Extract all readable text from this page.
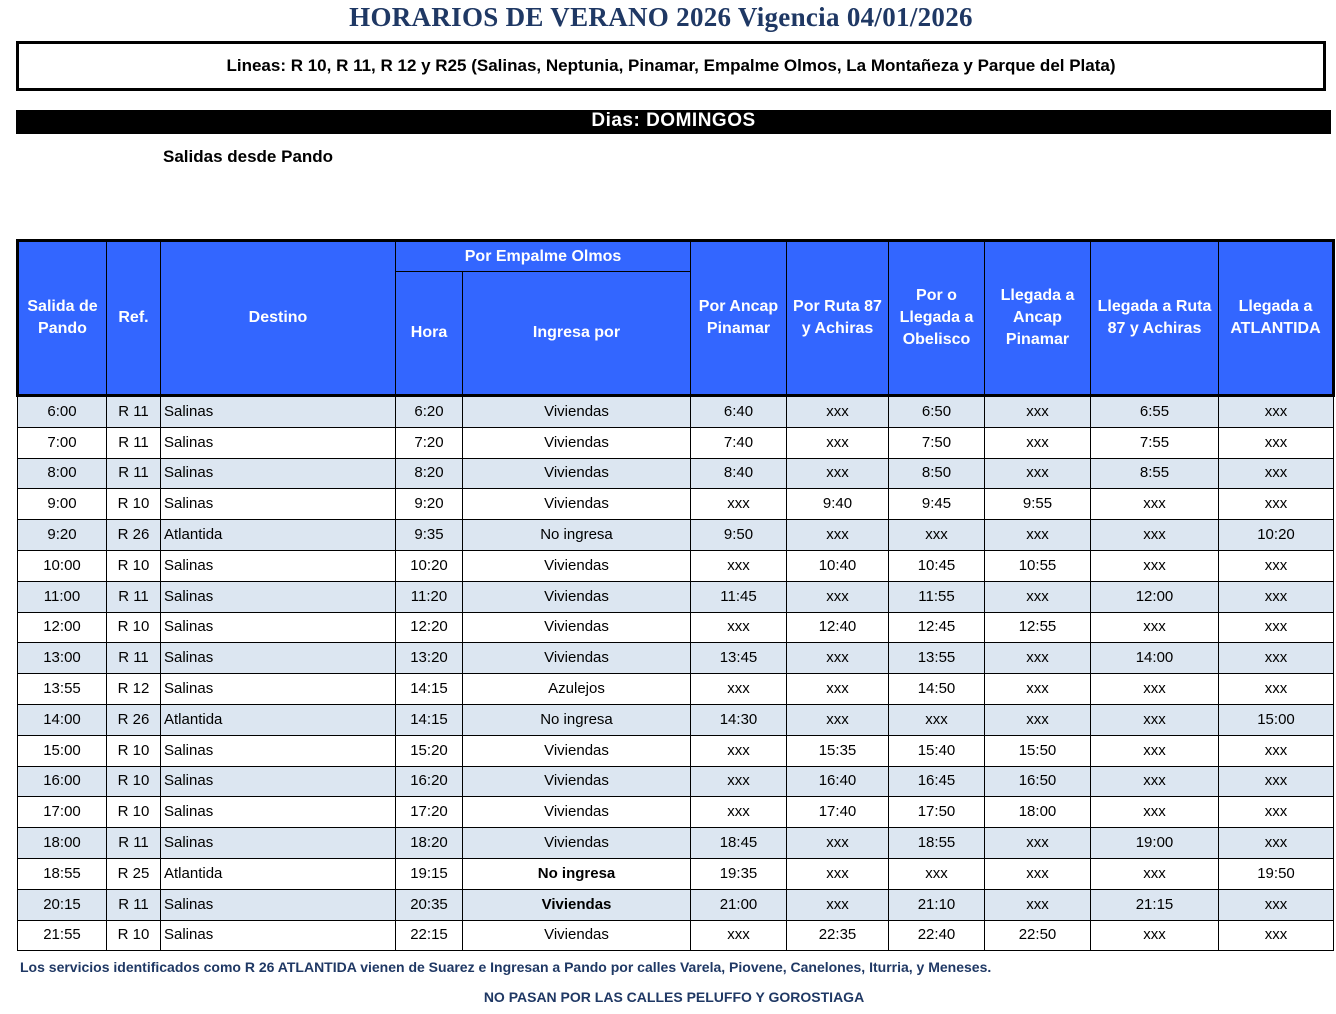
HORARIOS DE VERANO 2026 Vigencia 04/01/2026
Lineas: R 10, R 11, R 12 y R25 (Salinas, Neptunia, Pinamar, Empalme Olmos, La Montañeza y Parque del Plata)
Dias: DOMINGOS
Salidas desde Pando
Salida de Pando	Ref.	Destino	Por Empalme Olmos		Por Ancap Pinamar	Por Ruta 87 y Achiras	Por o Llegada a Obelisco	Llegada a Ancap Pinamar	Llegada a Ruta 87 y Achiras	Llegada a ATLANTIDA
			Hora	Ingresa por						
6:00	R 11	Salinas	6:20	Viviendas	6:40	xxx	6:50	xxx	6:55	xxx
7:00	R 11	Salinas	7:20	Viviendas	7:40	xxx	7:50	xxx	7:55	xxx
8:00	R 11	Salinas	8:20	Viviendas	8:40	xxx	8:50	xxx	8:55	xxx
9:00	R 10	Salinas	9:20	Viviendas	xxx	9:40	9:45	9:55	xxx	xxx
9:20	R 26	Atlantida	9:35	No ingresa	9:50	xxx	xxx	xxx	xxx	10:20
10:00	R 10	Salinas	10:20	Viviendas	xxx	10:40	10:45	10:55	xxx	xxx
11:00	R 11	Salinas	11:20	Viviendas	11:45	xxx	11:55	xxx	12:00	xxx
12:00	R 10	Salinas	12:20	Viviendas	xxx	12:40	12:45	12:55	xxx	xxx
13:00	R 11	Salinas	13:20	Viviendas	13:45	xxx	13:55	xxx	14:00	xxx
13:55	R 12	Salinas	14:15	Azulejos	xxx	xxx	14:50	xxx	xxx	xxx
14:00	R 26	Atlantida	14:15	No ingresa	14:30	xxx	xxx	xxx	xxx	15:00
15:00	R 10	Salinas	15:20	Viviendas	xxx	15:35	15:40	15:50	xxx	xxx
16:00	R 10	Salinas	16:20	Viviendas	xxx	16:40	16:45	16:50	xxx	xxx
17:00	R 10	Salinas	17:20	Viviendas	xxx	17:40	17:50	18:00	xxx	xxx
18:00	R 11	Salinas	18:20	Viviendas	18:45	xxx	18:55	xxx	19:00	xxx
18:55	R 25	Atlantida	19:15	No ingresa	19:35	xxx	xxx	xxx	xxx	19:50
20:15	R 11	Salinas	20:35	Viviendas	21:00	xxx	21:10	xxx	21:15	xxx
21:55	R 10	Salinas	22:15	Viviendas	xxx	22:35	22:40	22:50	xxx	xxx
Los servicios identificados como R 26 ATLANTIDA vienen de Suarez e Ingresan a Pando por calles Varela, Piovene, Canelones, Iturria, y Meneses.
NO PASAN POR LAS CALLES PELUFFO Y GOROSTIAGA
